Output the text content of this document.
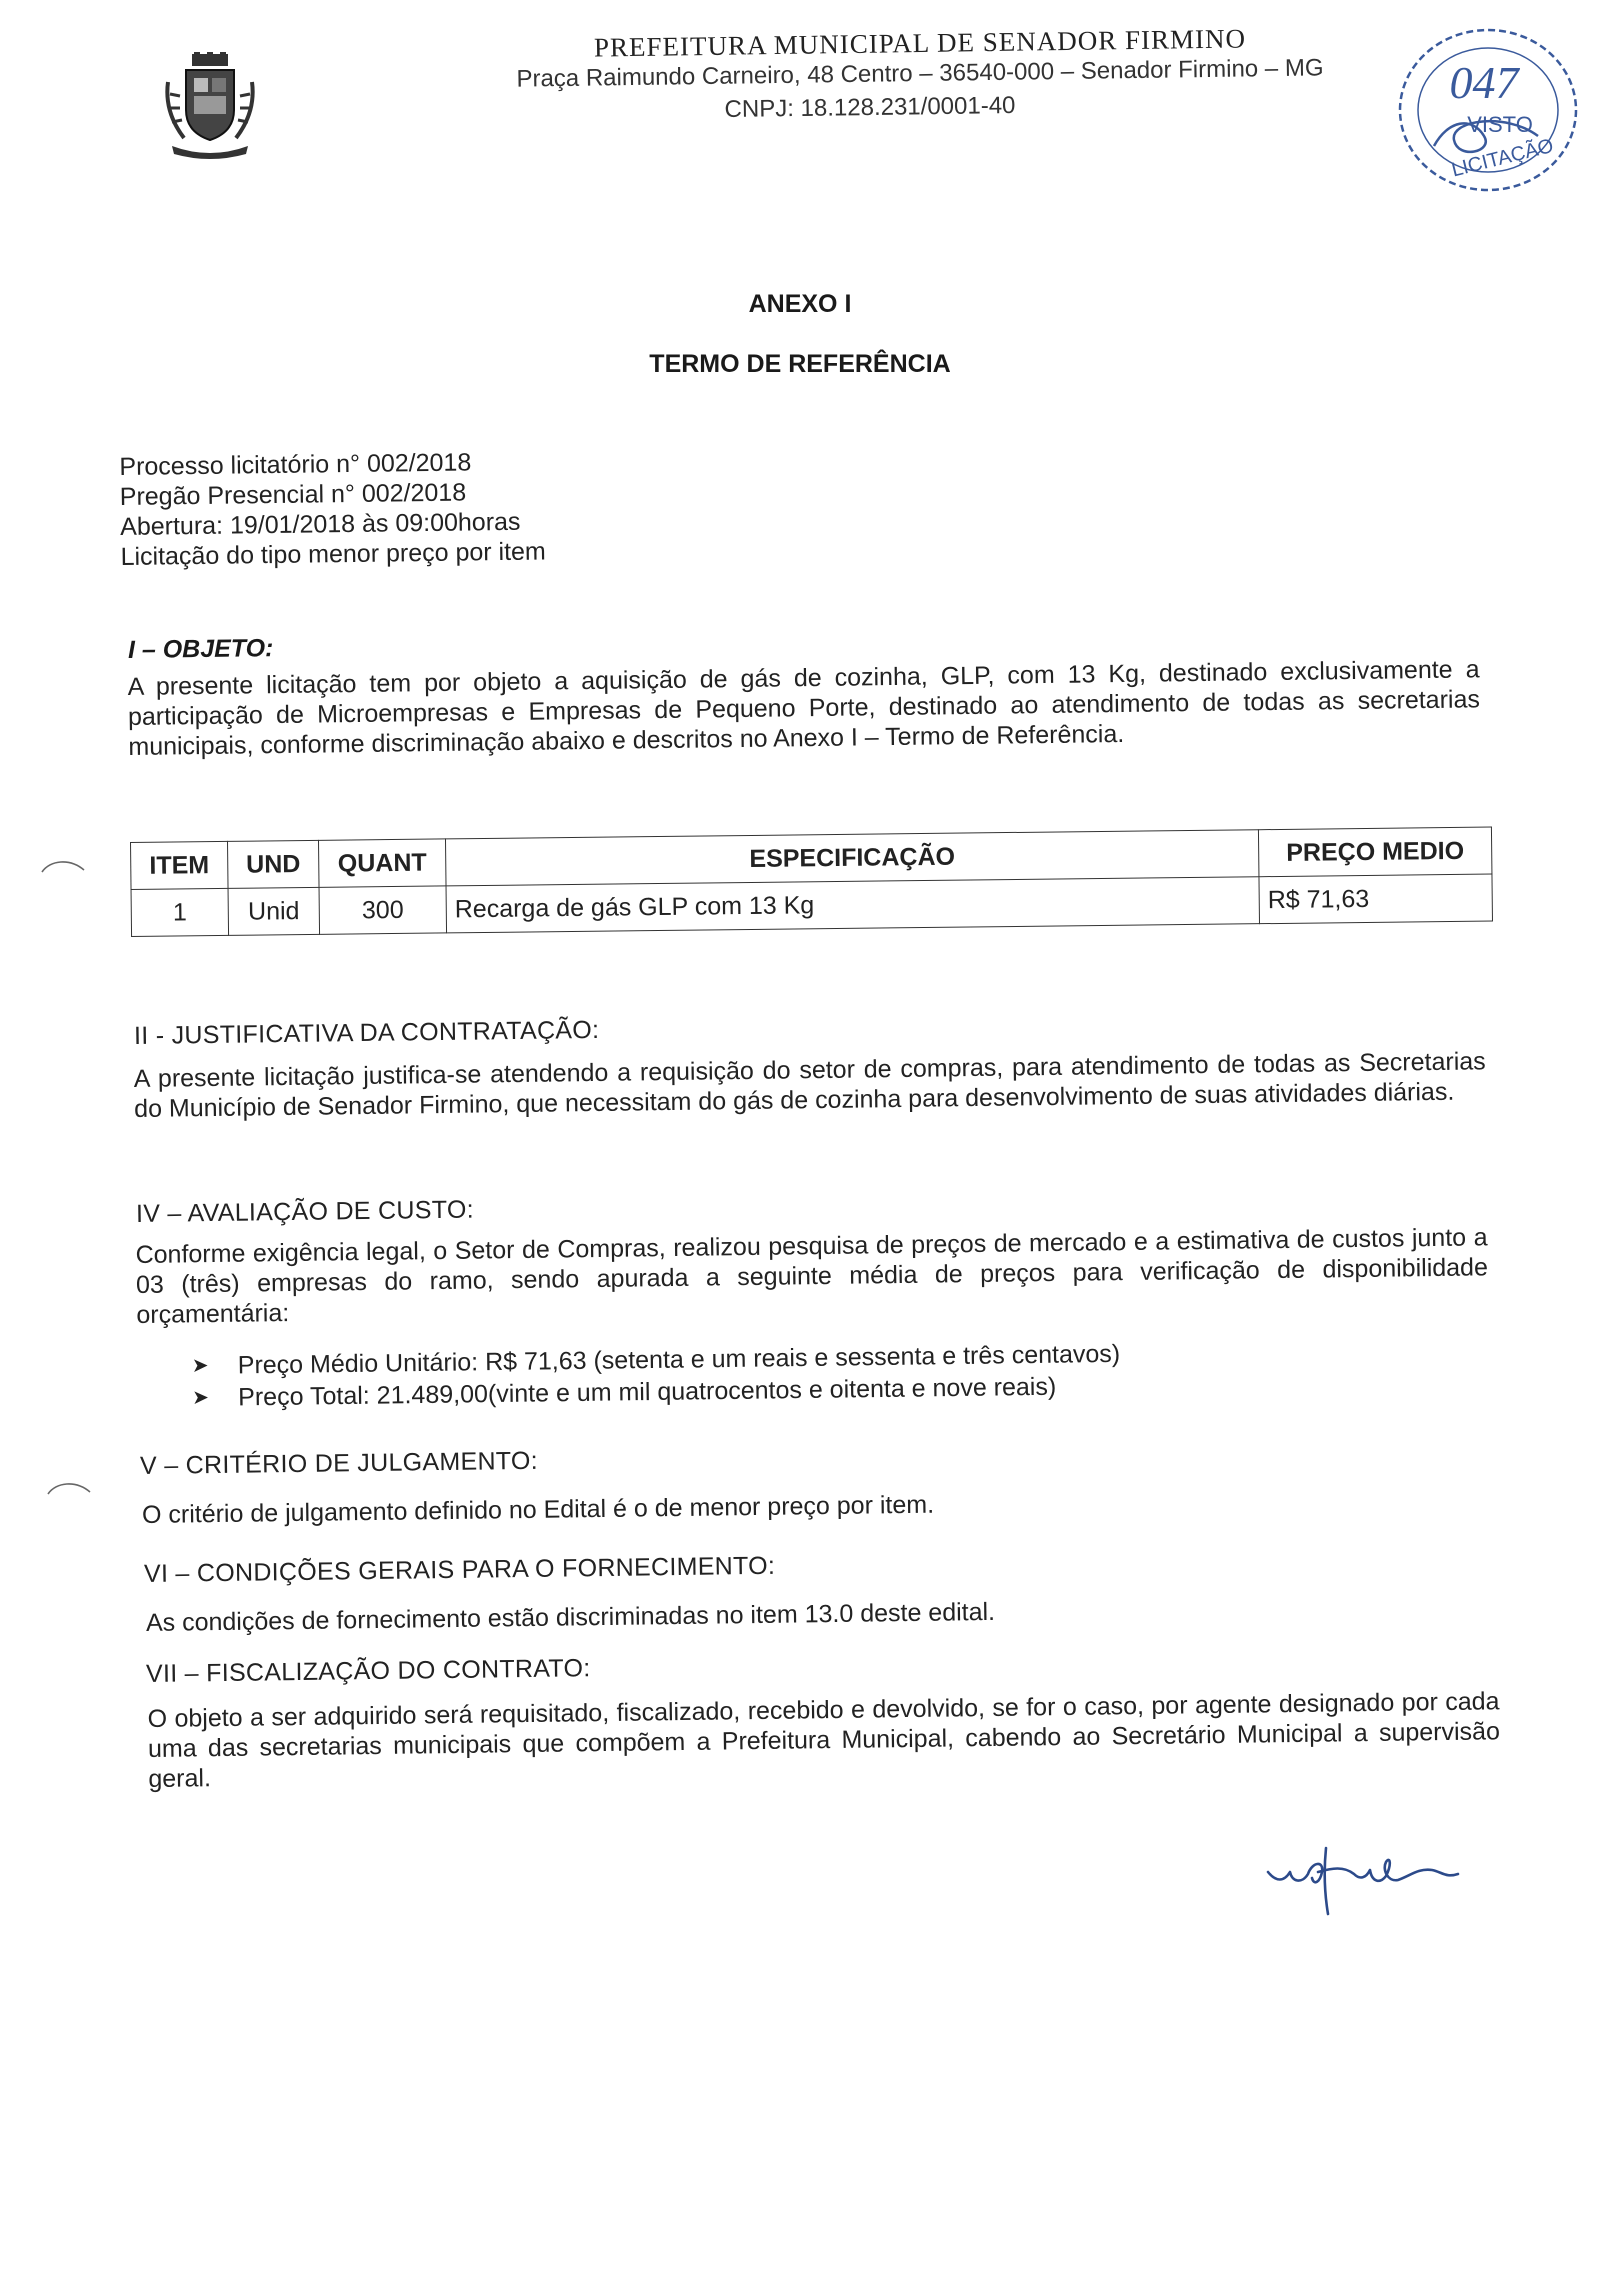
PREFEITURA MUNICIPAL DE SENADOR FIRMINO
Praça Raimundo Carneiro, 48 Centro – 36540-000 – Senador Firmino – MG
CNPJ: 18.128.231/0001-40	047
VISTO
LICITAÇÃO
ANEXO I
TERMO DE REFERÊNCIA
Processo licitatório n° 002/2018
Pregão Presencial n° 002/2018
Abertura: 19/01/2018 às 09:00horas
Licitação do tipo menor preço por item
I – OBJETO:
A presente licitação tem por objeto a aquisição de gás de cozinha, GLP, com 13 Kg, destinado exclusivamente a participação de Microempresas e Empresas de Pequeno Porte, destinado ao atendimento de todas as secretarias municipais, conforme discriminação abaixo e descritos no Anexo I – Termo de Referência.
ITEM	UND	QUANT	ESPECIFICAÇÃO	PREÇO MEDIO
1	Unid	300	Recarga de gás GLP com 13 Kg	R$ 71,63
II - JUSTIFICATIVA DA CONTRATAÇÃO:
A presente licitação justifica-se atendendo a requisição do setor de compras, para atendimento de todas as Secretarias do Município de Senador Firmino, que necessitam do gás de cozinha para desenvolvimento de suas atividades diárias.
IV – AVALIAÇÃO DE CUSTO:
Conforme exigência legal, o Setor de Compras, realizou pesquisa de preços de mercado e a estimativa de custos junto a 03 (três) empresas do ramo, sendo apurada a seguinte média de preços para verificação de disponibilidade orçamentária:
➤	Preço Médio Unitário: R$ 71,63 (setenta e um reais e sessenta e três centavos)
➤	Preço Total: 21.489,00(vinte e um mil quatrocentos e oitenta e nove reais)
V – CRITÉRIO DE JULGAMENTO:
O critério de julgamento definido no Edital é o de menor preço por item.
VI – CONDIÇÕES GERAIS PARA O FORNECIMENTO:
As condições de fornecimento estão discriminadas no item 13.0 deste edital.
VII – FISCALIZAÇÃO DO CONTRATO:
O objeto a ser adquirido será requisitado, fiscalizado, recebido e devolvido, se for o caso, por agente designado por cada uma das secretarias municipais que compõem a Prefeitura Municipal, cabendo ao Secretário Municipal a supervisão geral.
